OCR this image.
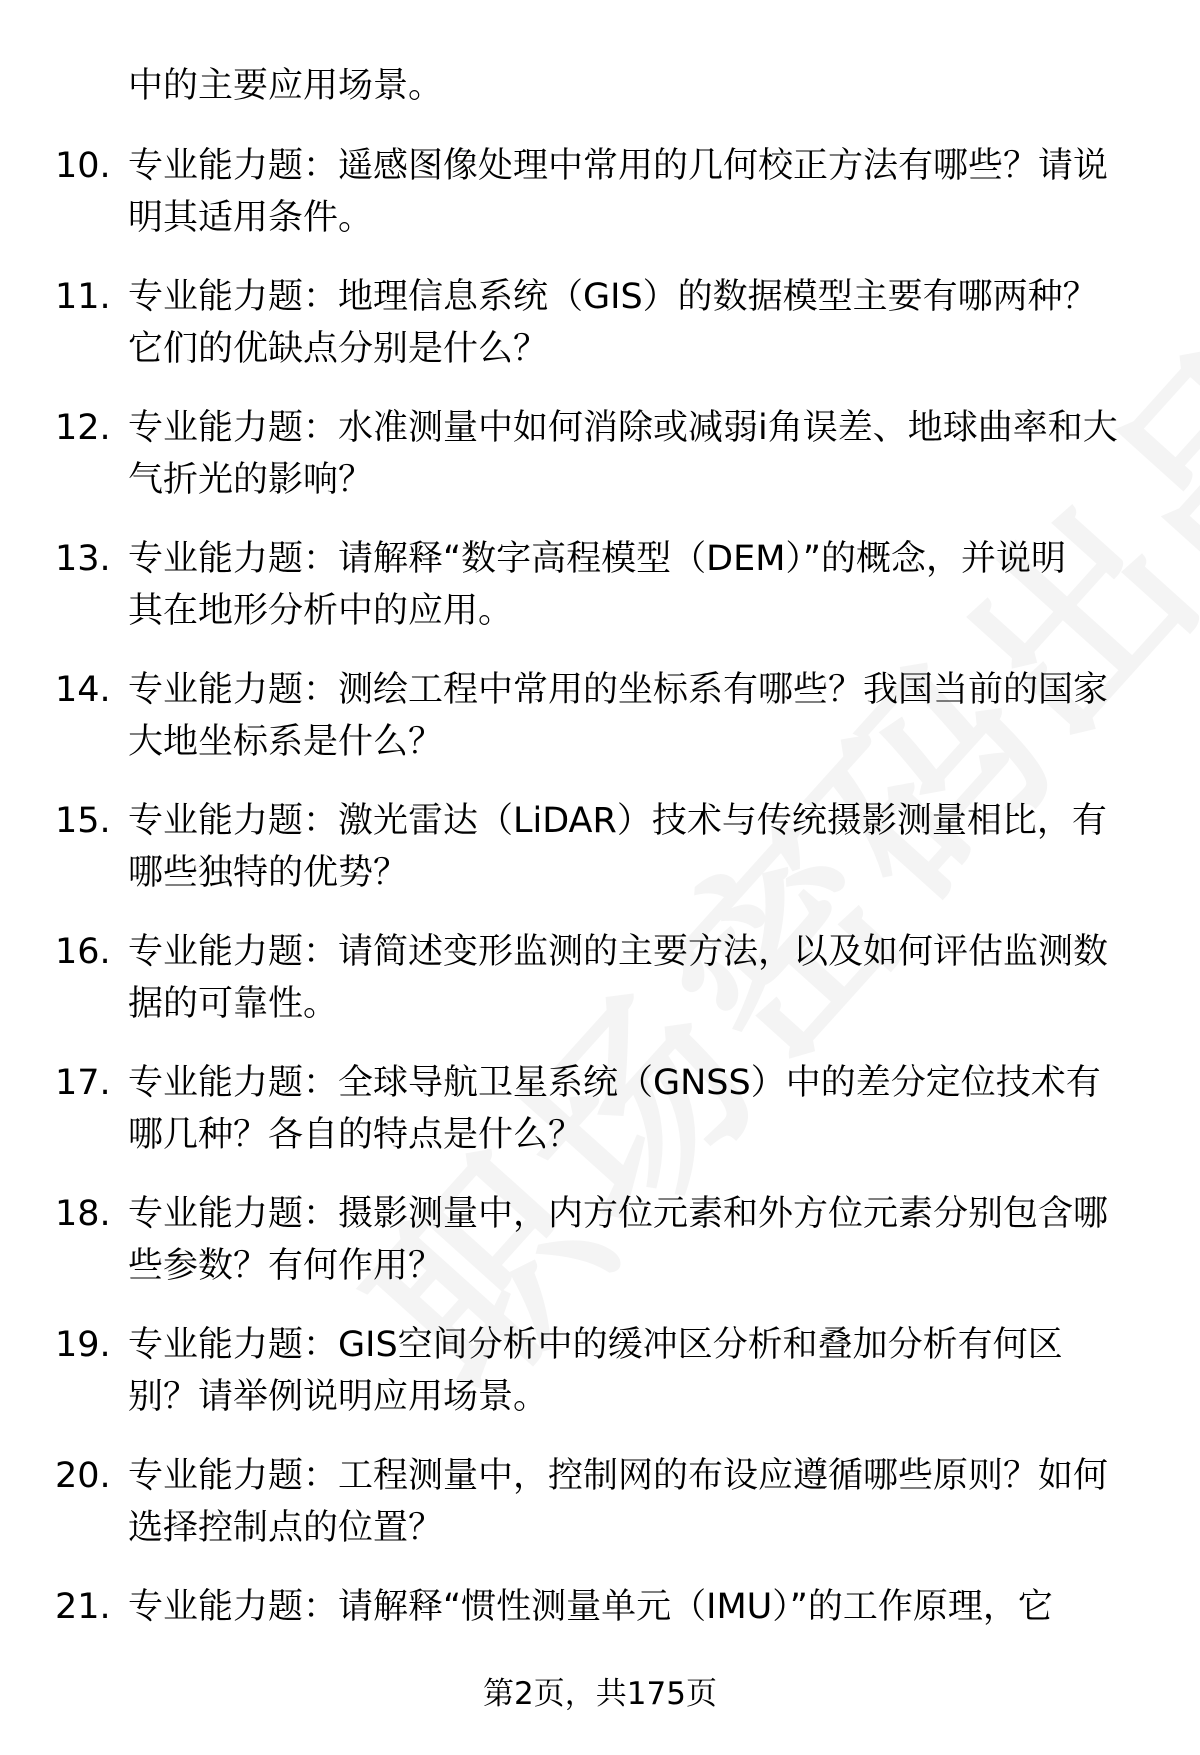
中的主要应用场景。
10. 专业能力题：遥感图像处理中常用的几何校正方法有哪些？请说
明其适用条件。
11. 专业能力题：地理信息系统（GIS）的数据模型主要有哪两种？
它们的优缺点分别是什么？
12. 专业能力题：水准测量中如何消除或减弱i角误差、地球曲率和大
气折光的影响？
13. 专业能力题：请解释“数字高程模型（DEM）”的概念，并说明
其在地形分析中的应用。
14. 专业能力题：测绘工程中常用的坐标系有哪些？我国当前的国家
大地坐标系是什么？
15. 专业能力题：激光雷达（LiDAR）技术与传统摄影测量相比，有
哪些独特的优势？
16. 专业能力题：请简述变形监测的主要方法，以及如何评估监测数
据的可靠性。
17. 专业能力题：全球导航卫星系统（GNSS）中的差分定位技术有
哪几种？各自的特点是什么？
18. 专业能力题：摄影测量中，内方位元素和外方位元素分别包含哪
些参数？有何作用？
19. 专业能力题：GIS空间分析中的缓冲区分析和叠加分析有何区
别？请举例说明应用场景。
20. 专业能力题：工程测量中，控制网的布设应遵循哪些原则？如何
选择控制点的位置？
21. 专业能力题：请解释“惯性测量单元（IMU）”的工作原理，它
第2页，共175页
